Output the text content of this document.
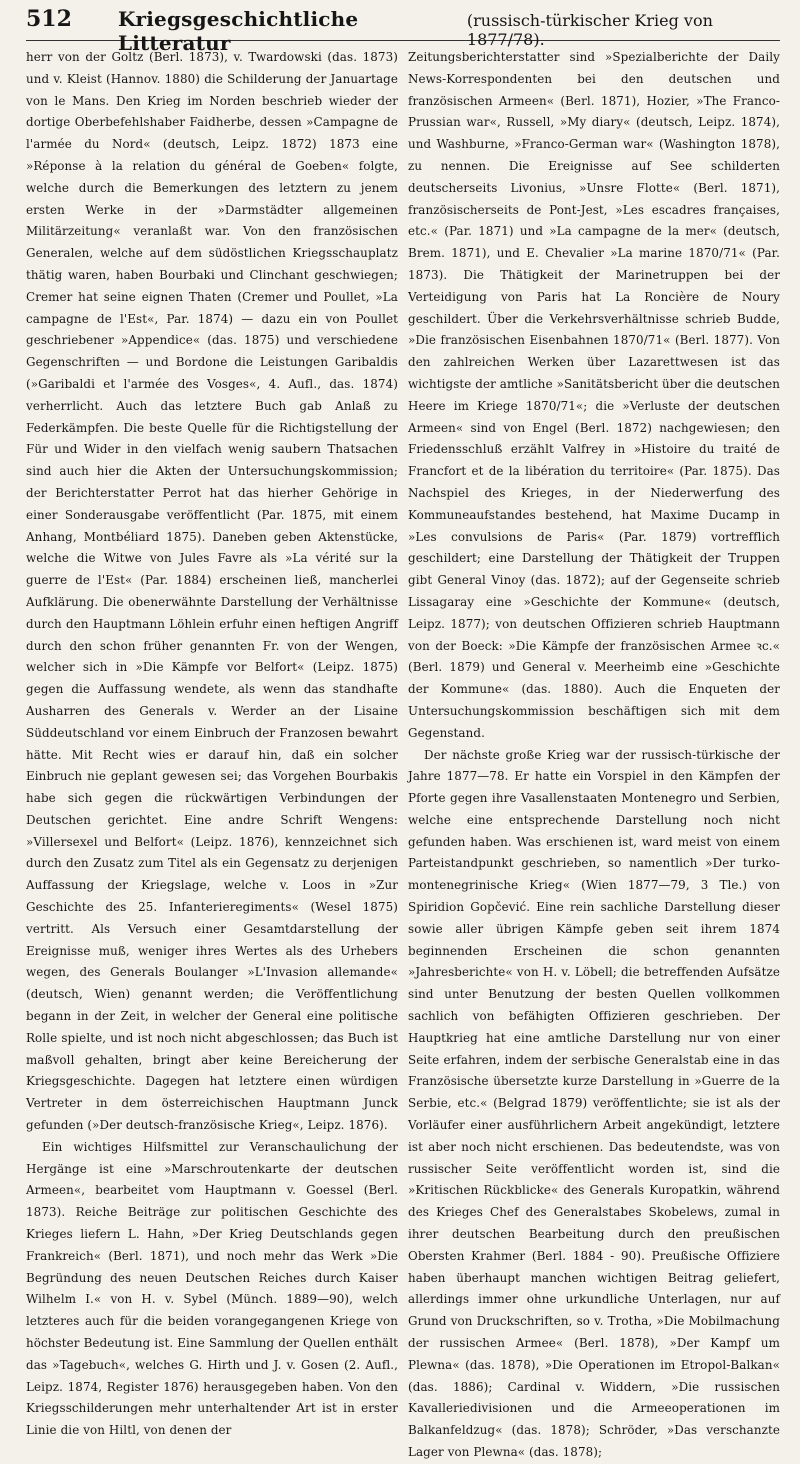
512 Kriegsgeschichtliche Litteratur
(russisch-türkischer Krieg von 1877/78).

herr von der Goltz (Berl. 1873), v. Twardowski (das. 1873) und v. Kleist (Hannov. 1880) die Schilderung der Januartage von le Mans. Den Krieg im Norden beschrieb wieder der dortige Oberbefehlshaber Faidherbe, dessen »Campagne de l'armée du Nord« (deutsch, Leipz. 1872) 1873 eine »Réponse à la relation du général de Goeben« folgte, welche durch die Bemerkungen des letztern zu jenem ersten Werke in der »Darmstädter allgemeinen Militärzeitung« veranlaßt war. Von den französischen Generalen, welche auf dem südöstlichen Kriegsschauplatz thätig waren, haben Bourbaki und Clinchant geschwiegen; Cremer hat seine eignen Thaten (Cremer und Poullet, »La campagne de l'Est«, Par. 1874) — dazu ein von Poullet geschriebener »Appendice« (das. 1875) und verschiedene Gegenschriften — und Bordone die Leistungen Garibaldis (»Garibaldi et l'armée des Vosges«, 4. Aufl., das. 1874) verherrlicht. Auch das letztere Buch gab Anlaß zu Federkämpfen. Die beste Quelle für die Richtigstellung der Für und Wider in den vielfach wenig saubern Thatsachen sind auch hier die Akten der Untersuchungskommission; der Berichterstatter Perrot hat das hierher Gehörige in einer Sonderausgabe veröffentlicht (Par. 1875, mit einem Anhang, Montbéliard 1875). Daneben geben Aktenstücke, welche die Witwe von Jules Favre als »La vérité sur la guerre de l'Est« (Par. 1884) erscheinen ließ, mancherlei Aufklärung. Die obenerwähnte Darstellung der Verhältnisse durch den Hauptmann Löhlein erfuhr einen heftigen Angriff durch den schon früher genannten Fr. von der Wengen, welcher sich in »Die Kämpfe vor Belfort« (Leipz. 1875) gegen die Auffassung wendete, als wenn das standhafte Ausharren des Generals v. Werder an der Lisaine Süddeutschland vor einem Einbruch der Franzosen bewahrt hätte. Mit Recht wies er darauf hin, daß ein solcher Einbruch nie geplant gewesen sei; das Vorgehen Bourbakis habe sich gegen die rückwärtigen Verbindungen der Deutschen gerichtet. Eine andre Schrift Wengens: »Villersexel und Belfort« (Leipz. 1876), kennzeichnet sich durch den Zusatz zum Titel als ein Gegensatz zu derjenigen Auffassung der Kriegslage, welche v. Loos in »Zur Geschichte des 25. Infanterieregiments« (Wesel 1875) vertritt. Als Versuch einer Gesamtdarstellung der Ereignisse muß, weniger ihres Wertes als des Urhebers wegen, des Generals Boulanger »L'Invasion allemande« (deutsch, Wien) genannt werden; die Veröffentlichung begann in der Zeit, in welcher der General eine politische Rolle spielte, und ist noch nicht abgeschlossen; das Buch ist maßvoll gehalten, bringt aber keine Bereicherung der Kriegsgeschichte. Dagegen hat letztere einen würdigen Vertreter in dem österreichischen Hauptmann Junck gefunden (»Der deutsch-französische Krieg«, Leipz. 1876).

Ein wichtiges Hilfsmittel zur Veranschaulichung der Hergänge ist eine »Marschroutenkarte der deutschen Armeen«, bearbeitet vom Hauptmann v. Goessel (Berl. 1873). Reiche Beiträge zur politischen Geschichte des Krieges liefern L. Hahn, »Der Krieg Deutschlands gegen Frankreich« (Berl. 1871), und noch mehr das Werk »Die Begründung des neuen Deutschen Reiches durch Kaiser Wilhelm I.« von H. v. Sybel (Münch. 1889—90), welch letzteres auch für die beiden vorangegangenen Kriege von höchster Bedeutung ist. Eine Sammlung der Quellen enthält das »Tagebuch«, welches G. Hirth und J. v. Gosen (2. Aufl., Leipz. 1874, Register 1876) herausgegeben haben. Von den Kriegsschilderungen mehr unterhaltender Art ist in erster Linie die von Hiltl, von denen der

Zeitungsberichterstatter sind »Spezialberichte der Daily News-Korrespondenten bei den deutschen und französischen Armeen« (Berl. 1871), Hozier, »The Franco-Prussian war«, Russell, »My diary« (deutsch, Leipz. 1874), und Washburne, »Franco-German war« (Washington 1878), zu nennen. Die Ereignisse auf See schilderten deutscherseits Livonius, »Unsre Flotte« (Berl. 1871), französischerseits de Pont-Jest, »Les escadres françaises, etc.« (Par. 1871) und »La campagne de la mer« (deutsch, Brem. 1871), und E. Chevalier »La marine 1870/71« (Par. 1873). Die Thätigkeit der Marinetruppen bei der Verteidigung von Paris hat La Roncière de Noury geschildert. Über die Verkehrsverhältnisse schrieb Budde, »Die französischen Eisenbahnen 1870/71« (Berl. 1877). Von den zahlreichen Werken über Lazarettwesen ist das wichtigste der amtliche »Sanitätsbericht über die deutschen Heere im Kriege 1870/71«; die »Verluste der deutschen Armeen« sind von Engel (Berl. 1872) nachgewiesen; den Friedensschluß erzählt Valfrey in »Histoire du traité de Francfort et de la libération du territoire« (Par. 1875). Das Nachspiel des Krieges, in der Niederwerfung des Kommuneaufstandes bestehend, hat Maxime Ducamp in »Les convulsions de Paris« (Par. 1879) vortrefflich geschildert; eine Darstellung der Thätigkeit der Truppen gibt General Vinoy (das. 1872); auf der Gegenseite schrieb Lissagaray eine »Geschichte der Kommune« (deutsch, Leipz. 1877); von deutschen Offizieren schrieb Hauptmann von der Boeck: »Die Kämpfe der französischen Armee ꝛc.« (Berl. 1879) und General v. Meerheimb eine »Geschichte der Kommune« (das. 1880). Auch die Enqueten der Untersuchungskommission beschäftigen sich mit dem Gegenstand.

Der nächste große Krieg war der russisch-türkische der Jahre 1877—78. Er hatte ein Vorspiel in den Kämpfen der Pforte gegen ihre Vasallenstaaten Montenegro und Serbien, welche eine entsprechende Darstellung noch nicht gefunden haben. Was erschienen ist, ward meist von einem Parteistandpunkt geschrieben, so namentlich »Der turko-montenegrinische Krieg« (Wien 1877—79, 3 Tle.) von Spiridion Gopčević. Eine rein sachliche Darstellung dieser sowie aller übrigen Kämpfe geben seit ihrem 1874 beginnenden Erscheinen die schon genannten »Jahresberichte« von H. v. Löbell; die betreffenden Aufsätze sind unter Benutzung der besten Quellen vollkommen sachlich von befähigten Offizieren geschrieben. Der Hauptkrieg hat eine amtliche Darstellung nur von einer Seite erfahren, indem der serbische Generalstab eine in das Französische übersetzte kurze Darstellung in »Guerre de la Serbie, etc.« (Belgrad 1879) veröffentlichte; sie ist als der Vorläufer einer ausführlichern Arbeit angekündigt, letztere ist aber noch nicht erschienen. Das bedeutendste, was von russischer Seite veröffentlicht worden ist, sind die »Kritischen Rückblicke« des Generals Kuropatkin, während des Krieges Chef des Generalstabes Skobelews, zumal in ihrer deutschen Bearbeitung durch den preußischen Obersten Krahmer (Berl. 1884 - 90). Preußische Offiziere haben überhaupt manchen wichtigen Beitrag geliefert, allerdings immer ohne urkundliche Unterlagen, nur auf Grund von Druckschriften, so v. Trotha, »Die Mobilmachung der russischen Armee« (Berl. 1878), »Der Kampf um Plewna« (das. 1878), »Die Operationen im Etropol-Balkan« (das. 1886); Cardinal v. Widdern, »Die russischen Kavalleriedivisionen und die Armeeoperationen im Balkanfeldzug« (das. 1878); Schröder, »Das verschanzte Lager von Plewna« (das. 1878);
